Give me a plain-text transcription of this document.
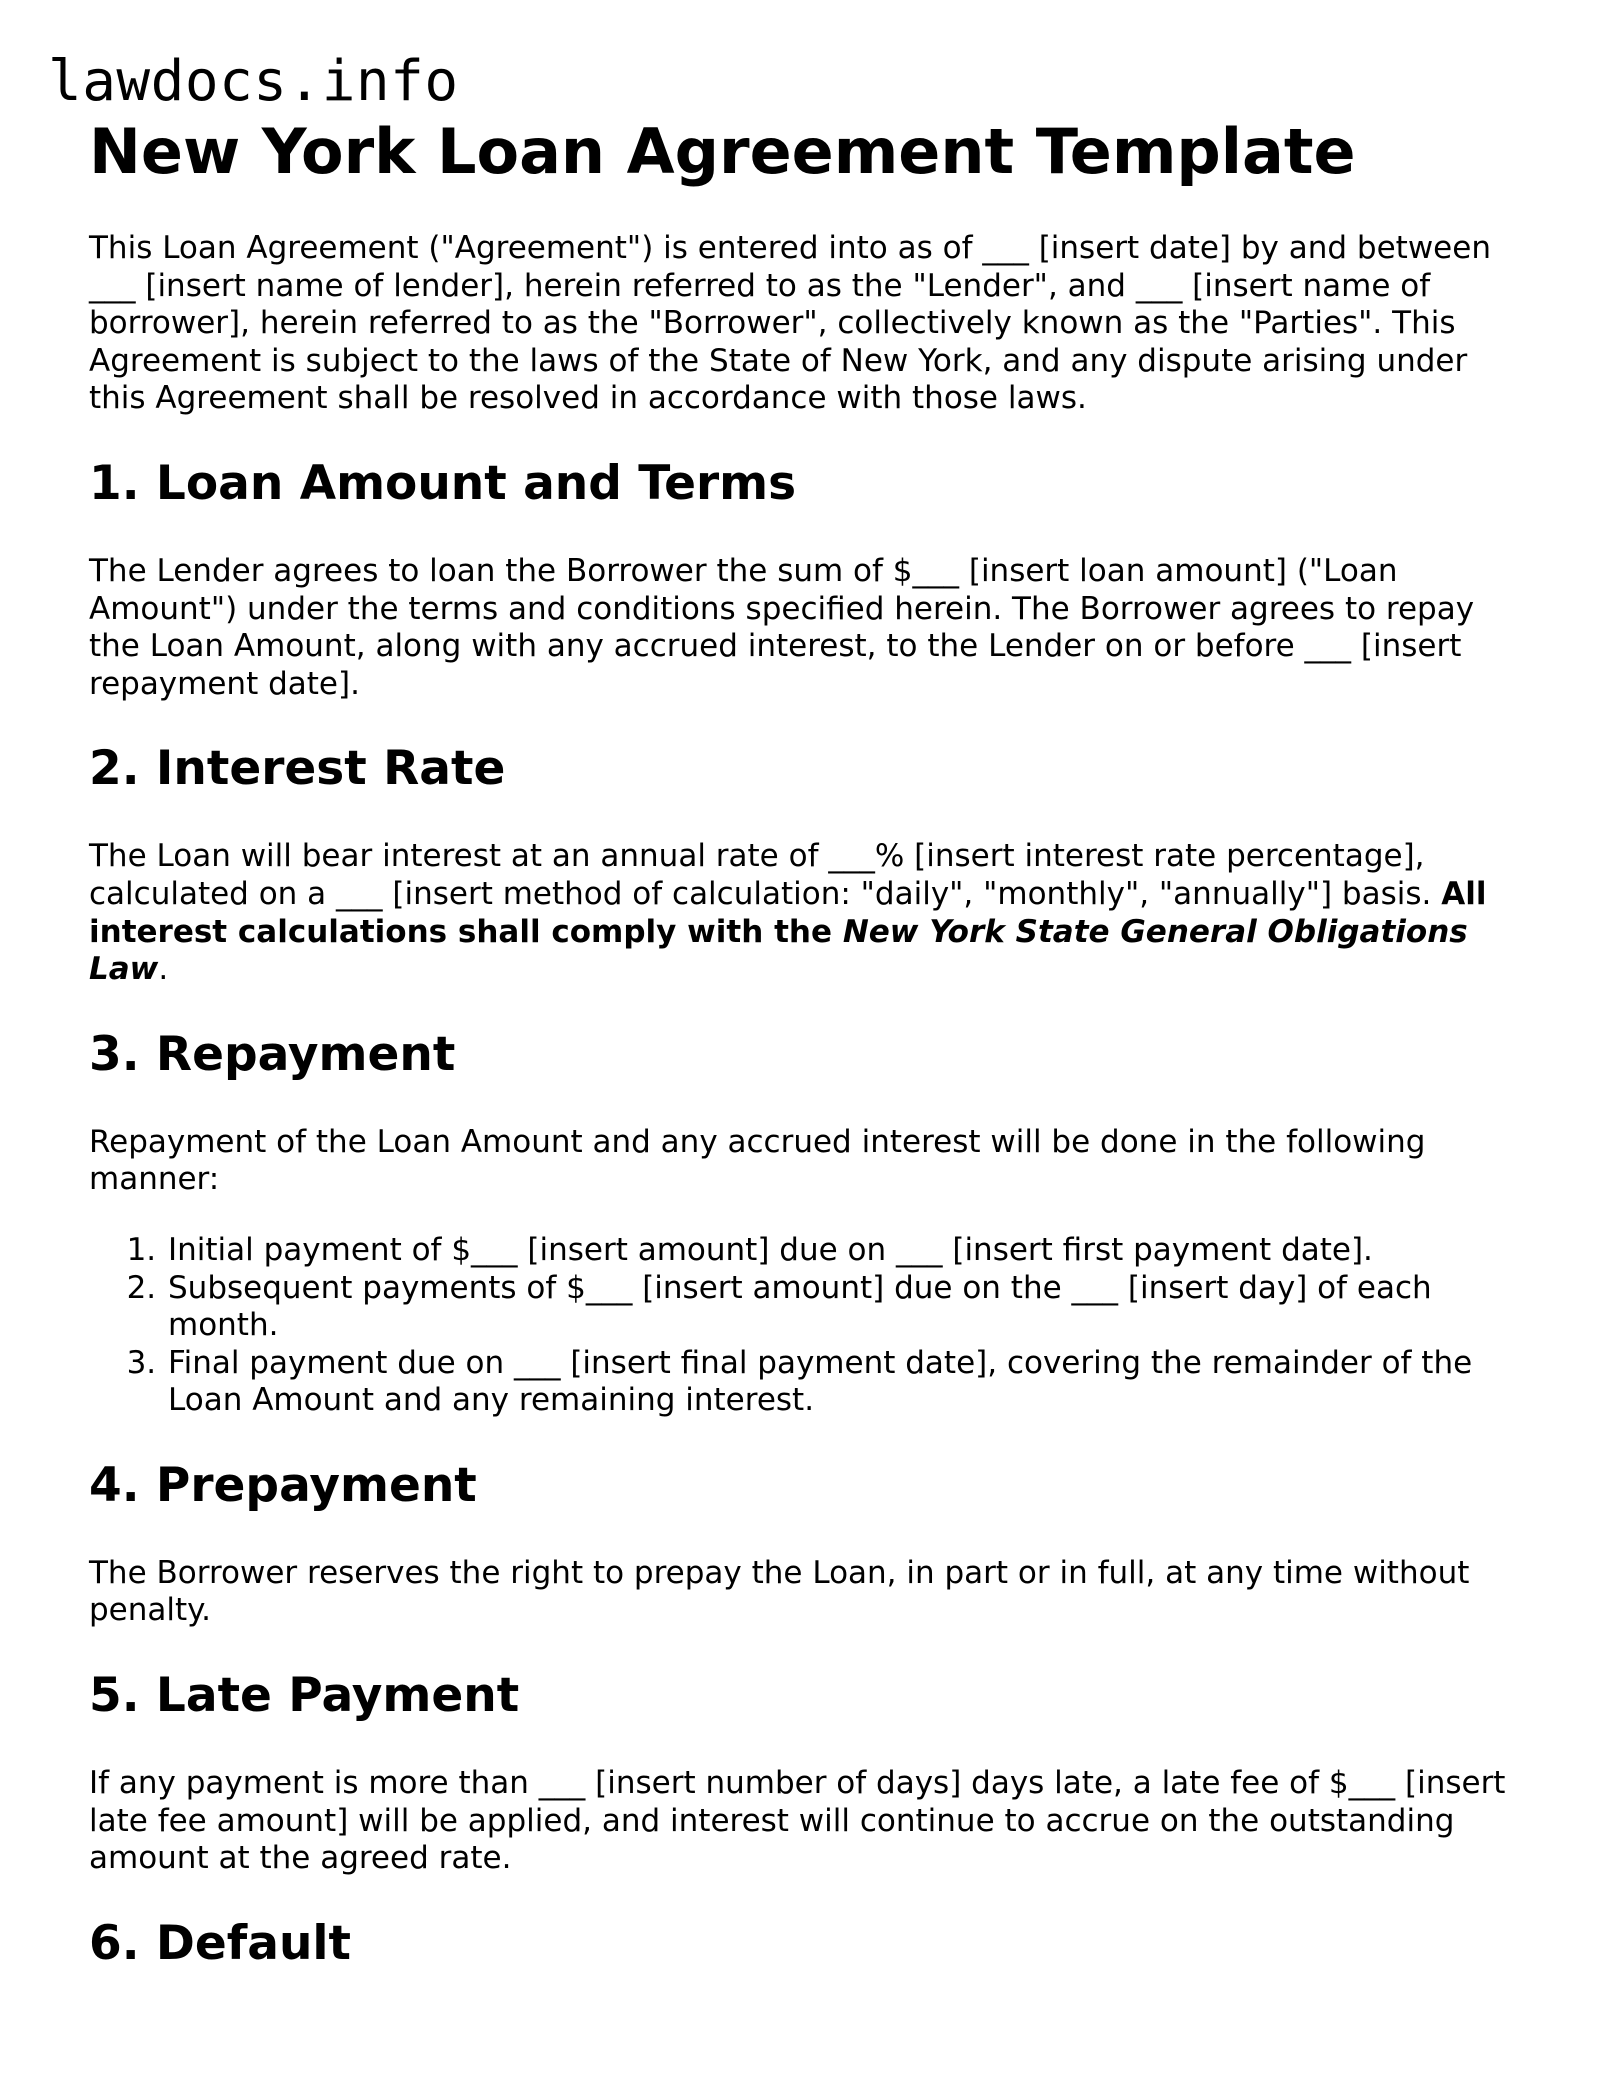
lawdocs.info
New York Loan Agreement Template

This Loan Agreement ("Agreement") is entered into as of ___ [insert date] by and between ___ [insert name of lender], herein referred to as the "Lender", and ___ [insert name of borrower], herein referred to as the "Borrower", collectively known as the "Parties". This Agreement is subject to the laws of the State of New York, and any dispute arising under this Agreement shall be resolved in accordance with those laws.

1. Loan Amount and Terms

The Lender agrees to loan the Borrower the sum of $___ [insert loan amount] ("Loan Amount") under the terms and conditions specified herein. The Borrower agrees to repay the Loan Amount, along with any accrued interest, to the Lender on or before ___ [insert repayment date].

2. Interest Rate

The Loan will bear interest at an annual rate of ___% [insert interest rate percentage], calculated on a ___ [insert method of calculation: "daily", "monthly", "annually"] basis. All interest calculations shall comply with the New York State General Obligations Law.

3. Repayment

Repayment of the Loan Amount and any accrued interest will be done in the following manner:

1. Initial payment of $___ [insert amount] due on ___ [insert first payment date].
2. Subsequent payments of $___ [insert amount] due on the ___ [insert day] of each month.
3. Final payment due on ___ [insert final payment date], covering the remainder of the Loan Amount and any remaining interest.
4. Prepayment

The Borrower reserves the right to prepay the Loan, in part or in full, at any time without penalty.

5. Late Payment

If any payment is more than ___ [insert number of days] days late, a late fee of $___ [insert late fee amount] will be applied, and interest will continue to accrue on the outstanding amount at the agreed rate.

6. Default
